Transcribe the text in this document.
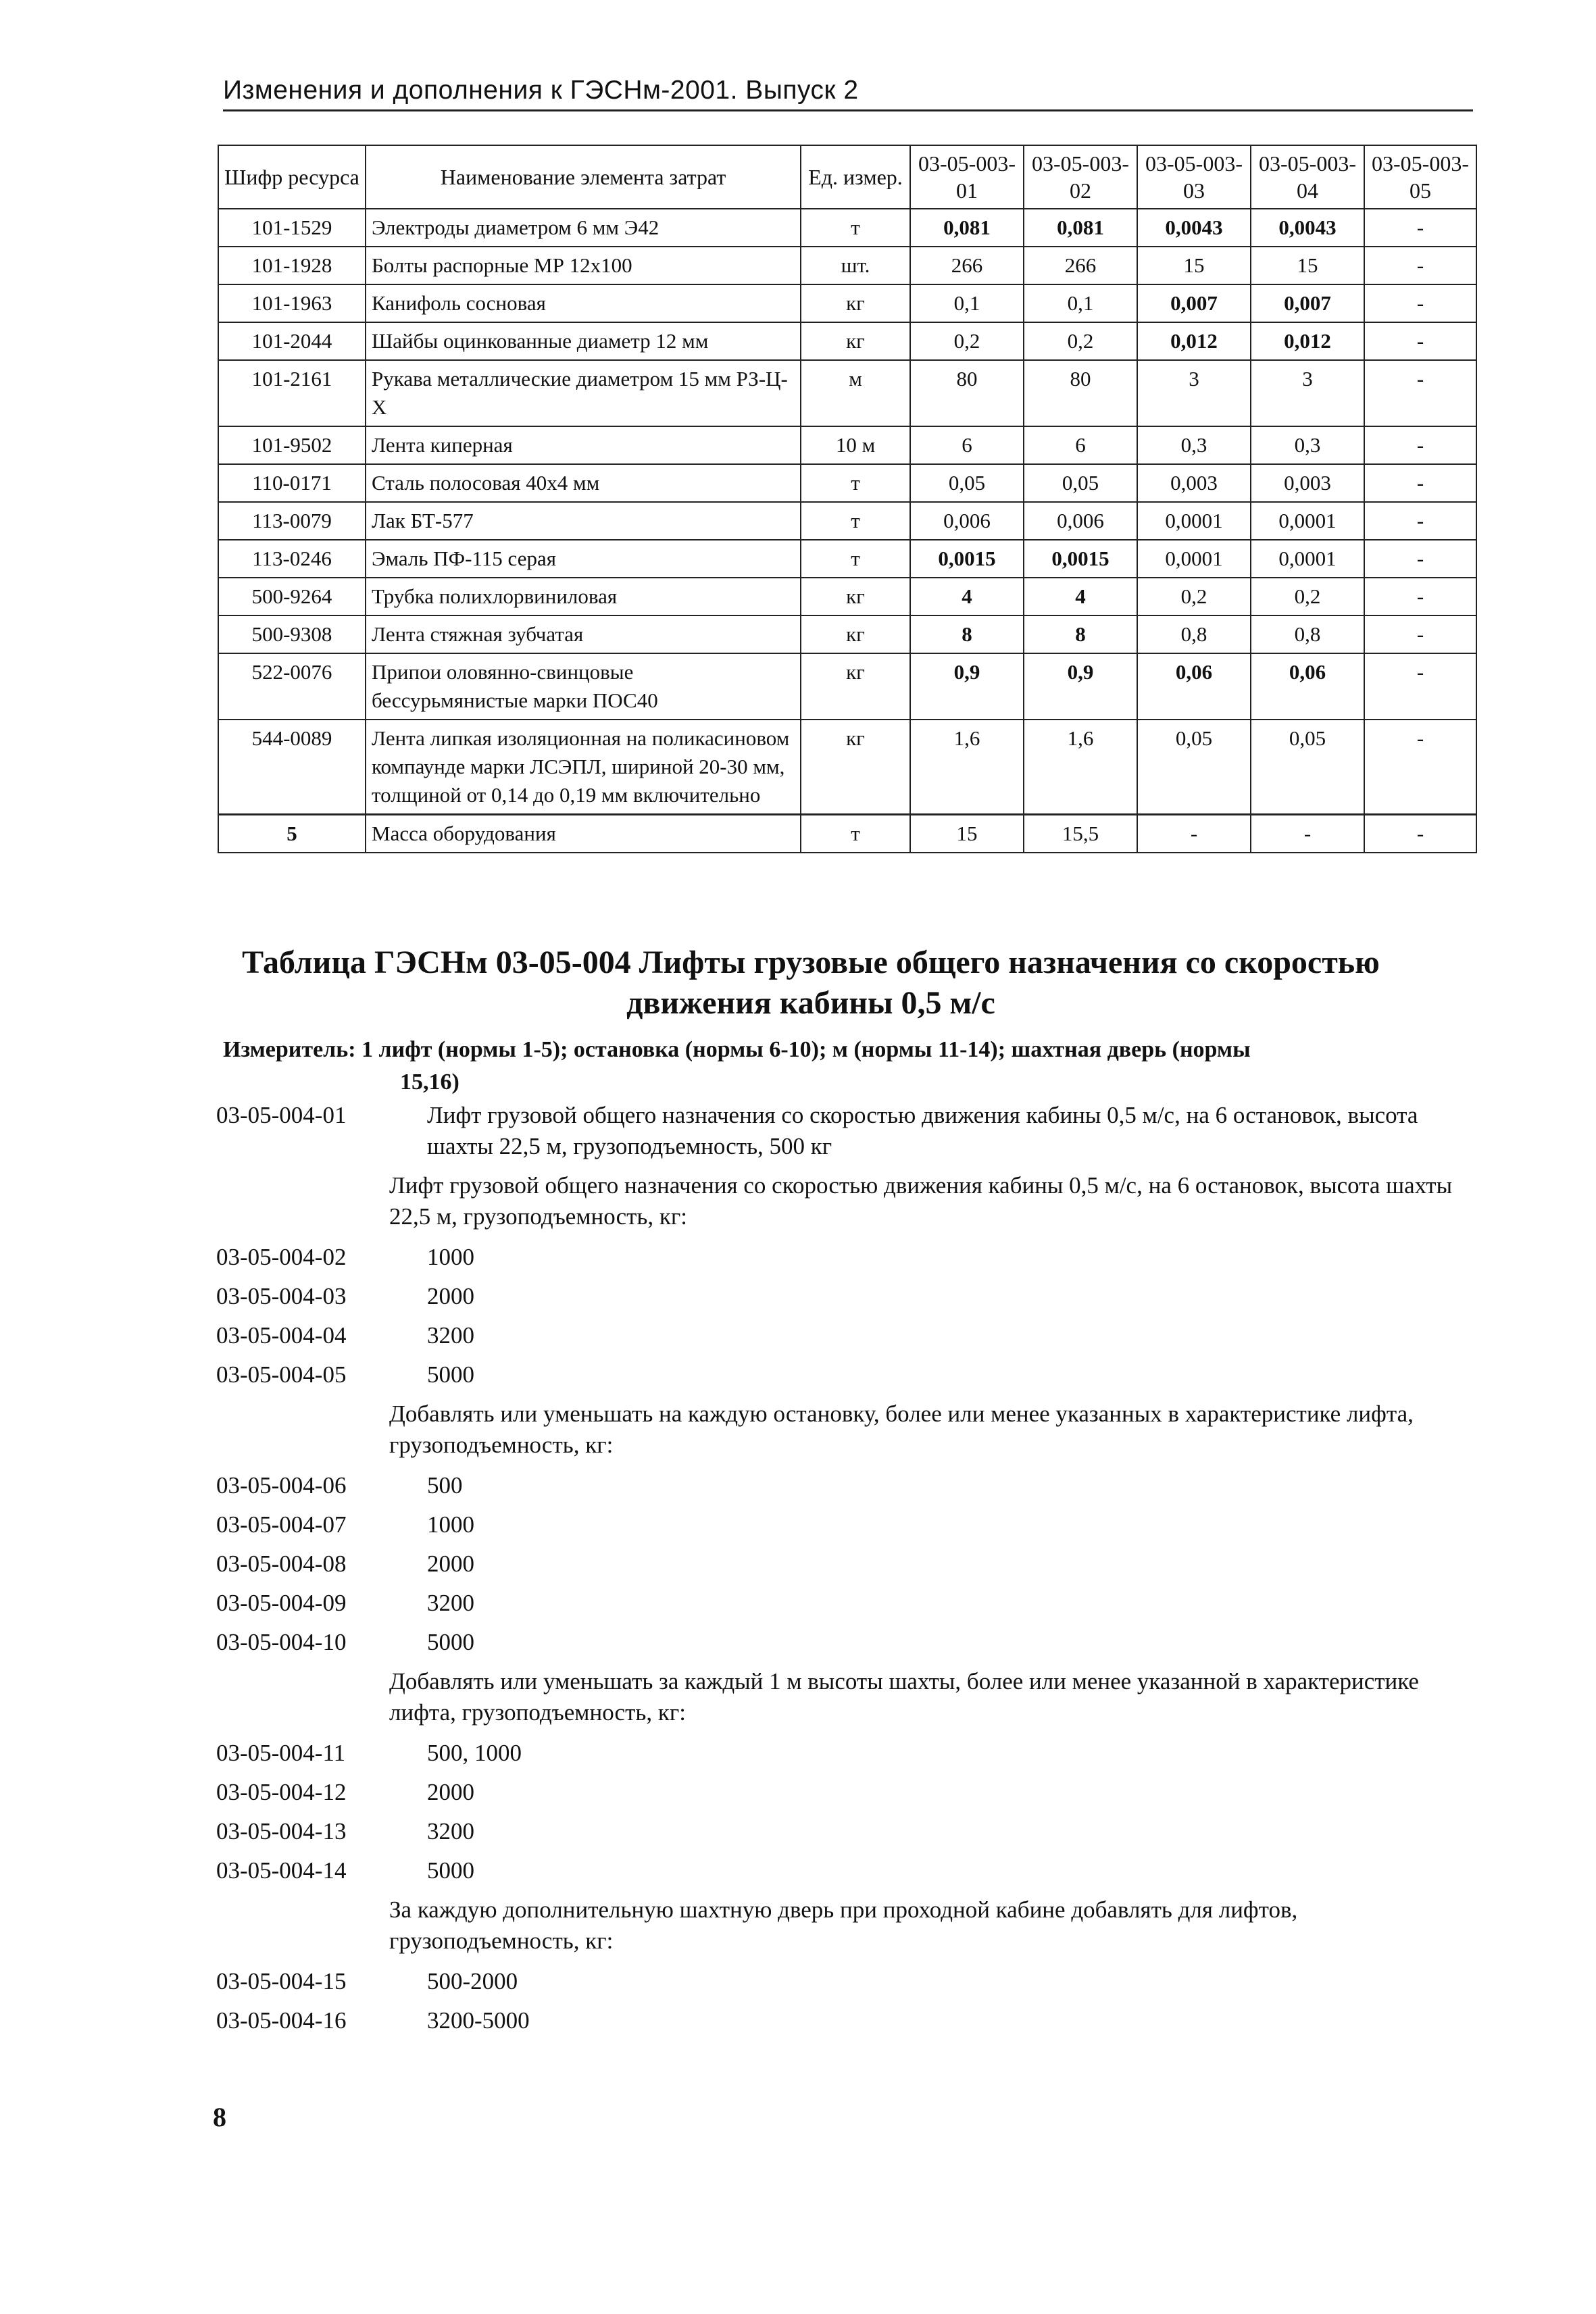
Изменения и дополнения к ГЭСНм-2001. Выпуск 2
Шифр ресурса	Наименование элемента затрат	Ед. измер.	03-05-003-01	03-05-003-02	03-05-003-03	03-05-003-04	03-05-003-05
101-1529	Электроды диаметром 6 мм Э42	т	0,081	0,081	0,0043	0,0043	-
101-1928	Болты распорные МР 12х100	шт.	266	266	15	15	-
101-1963	Канифоль сосновая	кг	0,1	0,1	0,007	0,007	-
101-2044	Шайбы оцинкованные диаметр 12 мм	кг	0,2	0,2	0,012	0,012	-
101-2161	Рукава металлические диаметром 15 мм РЗ-Ц-Х	м	80	80	3	3	-
101-9502	Лента киперная	10 м	6	6	0,3	0,3	-
110-0171	Сталь полосовая 40х4 мм	т	0,05	0,05	0,003	0,003	-
113-0079	Лак БТ-577	т	0,006	0,006	0,0001	0,0001	-
113-0246	Эмаль ПФ-115 серая	т	0,0015	0,0015	0,0001	0,0001	-
500-9264	Трубка полихлорвиниловая	кг	4	4	0,2	0,2	-
500-9308	Лента стяжная зубчатая	кг	8	8	0,8	0,8	-
522-0076	Припои оловянно-свинцовые бессурьмянистые марки ПОС40	кг	0,9	0,9	0,06	0,06	-
544-0089	Лента липкая изоляционная на поликасиновом компаунде марки ЛСЭПЛ, шириной 20-30 мм, толщиной от 0,14 до 0,19 мм включительно	кг	1,6	1,6	0,05	0,05	-
5	Масса оборудования	т	15	15,5	-	-	-
Таблица ГЭСНм 03-05-004 Лифты грузовые общего назначения со скоростью
движения кабины 0,5 м/с
Измеритель: 1 лифт (нормы 1-5); остановка (нормы 6-10); м (нормы 11-14); шахтная дверь (нормы
15,16)
03-05-004-01	Лифт грузовой общего назначения со скоростью движения кабины 0,5 м/с, на 6 остановок, высота шахты 22,5 м, грузоподъемность, 500 кг
Лифт грузовой общего назначения со скоростью движения кабины 0,5 м/с, на 6 остановок, высота шахты 22,5 м, грузоподъемность, кг:
03-05-004-02	1000
03-05-004-03	2000
03-05-004-04	3200
03-05-004-05	5000
Добавлять или уменьшать на каждую остановку, более или менее указанных в характеристике лифта, грузоподъемность, кг:
03-05-004-06	500
03-05-004-07	1000
03-05-004-08	2000
03-05-004-09	3200
03-05-004-10	5000
Добавлять или уменьшать за каждый 1 м высоты шахты, более или менее указанной в характеристике лифта, грузоподъемность, кг:
03-05-004-11	500, 1000
03-05-004-12	2000
03-05-004-13	3200
03-05-004-14	5000
За каждую дополнительную шахтную дверь при проходной кабине добавлять для лифтов, грузоподъемность, кг:
03-05-004-15	500-2000
03-05-004-16	3200-5000
8
